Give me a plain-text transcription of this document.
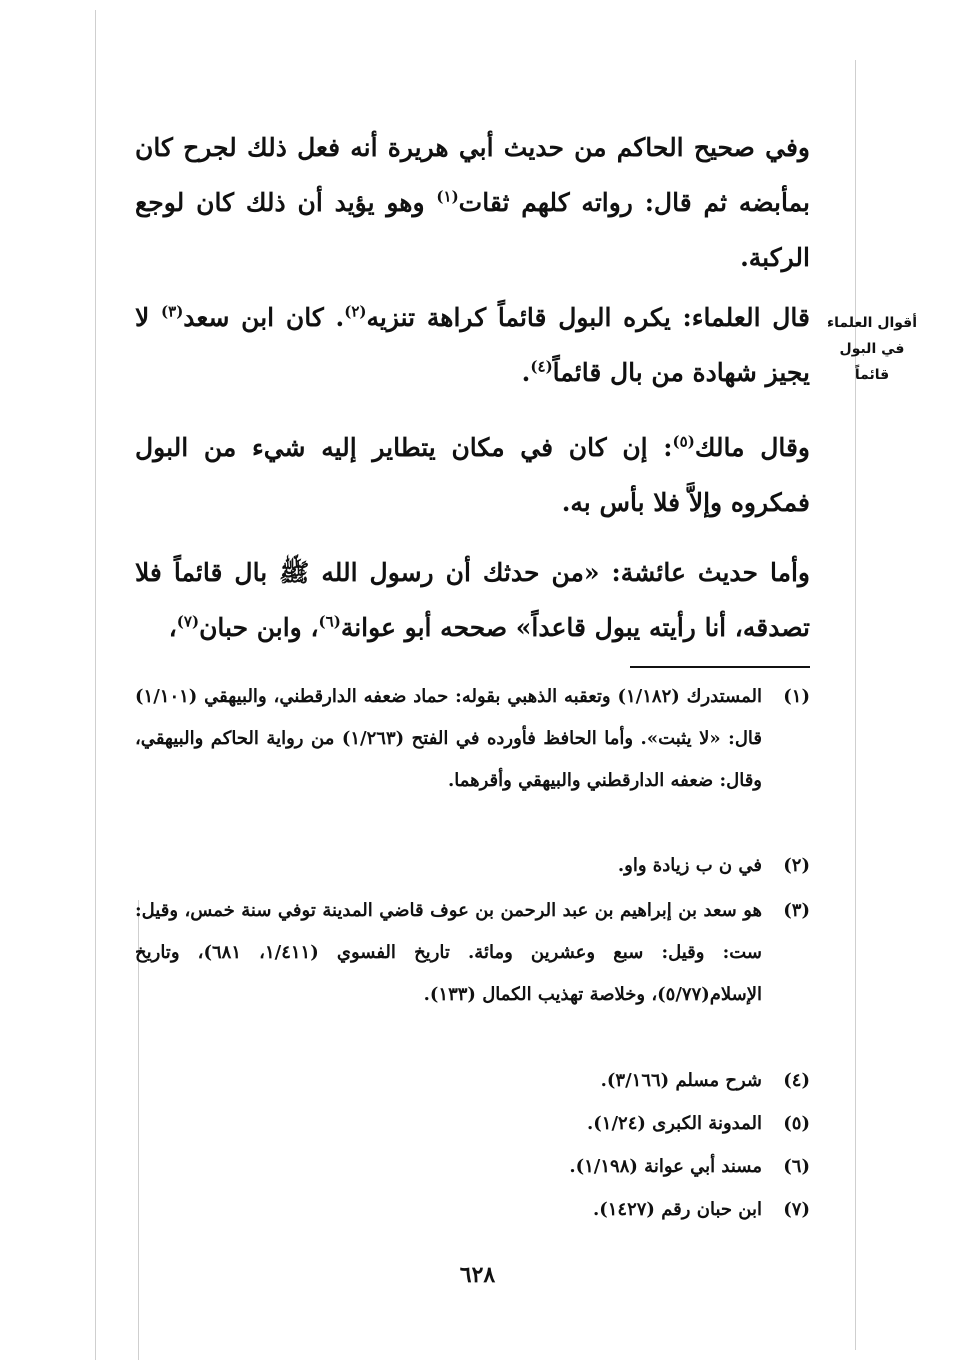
أقوال العلماء
في البول قائماً
وفي صحيح الحاكم من حديث أبي هريرة أنه فعل ذلك لجرح كان بمأبضه ثم قال: رواته كلهم ثقات$^{(١)}$ وهو يؤيد أن ذلك كان لوجع الركبة.
قال العلماء: يكره البول قائماً كراهة تنزيه$^{(٢)}$. كان ابن سعد$^{(٣)}$ لا يجيز شهادة من بال قائماً$^{(٤)}$.
وقال مالك$^{(٥)}$: إن كان في مكان يتطاير إليه شيء من البول فمكروه وإلاَّ فلا بأس به.
وأما حديث عائشة: «من حدثك أن رسول الله ﷺ بال قائماً فلا تصدقه، أنا رأيته يبول قاعداً» صححه أبو عوانة$^{(٦)}$، وابن حبان$^{(٧)}$،
(١)
المستدرك (١/١٨٢) وتعقبه الذهبي بقوله: حماد ضعفه الدارقطني، والبيهقي (١/١٠١) قال: «لا يثبت». وأما الحافظ فأورده في الفتح (١/٢٦٣) من رواية الحاكم والبيهقي، وقال: ضعفه الدارقطني والبيهقي وأقرهما.
(٢)
في ن ب زيادة واو.
(٣)
هو سعد بن إبراهيم بن عبد الرحمن بن عوف قاضي المدينة توفي سنة خمس، وقيل: ست: وقيل: سبع وعشرين ومائة. تاريخ الفسوي (١/٤١١، ٦٨١)، وتاريخ الإسلام(٥/٧٧)، وخلاصة تهذيب الكمال (١٣٣).
(٤)
شرح مسلم (٣/١٦٦).
(٥)
المدونة الكبرى (١/٢٤).
(٦)
مسند أبي عوانة (١/١٩٨).
(٧)
ابن حبان رقم (١٤٢٧).
٦٢٨
